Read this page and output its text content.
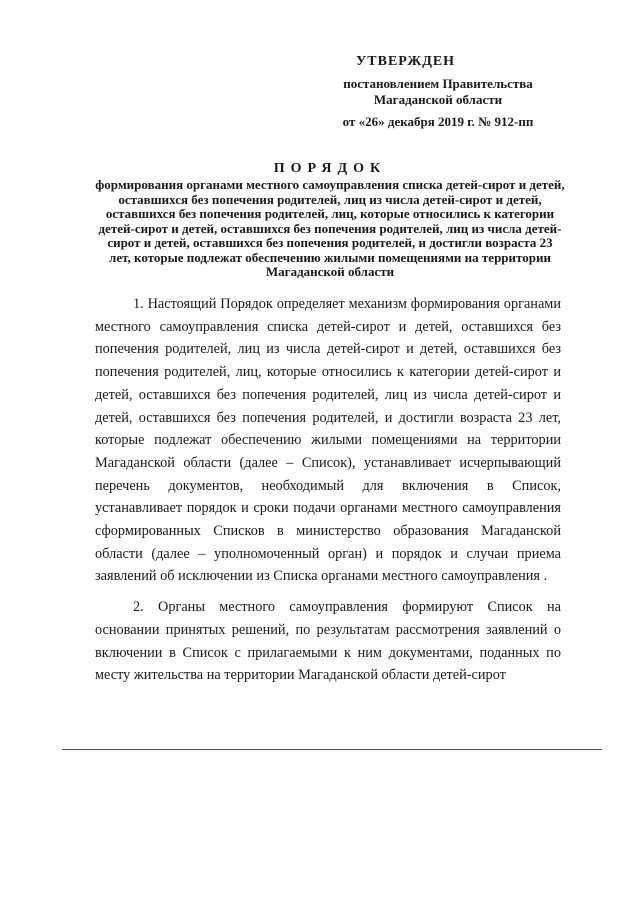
УТВЕРЖДЕН
постановлением Правительства
Магаданской области
от «26» декабря 2019 г. № 912-пп
ПОРЯДОК
формирования органами местного самоуправления списка детей-сирот и детей, оставшихся без попечения родителей, лиц из числа детей-сирот и детей, оставшихся без попечения родителей, лиц, которые относились к категории детей-сирот и детей, оставшихся без попечения родителей, лиц из числа детей-сирот и детей, оставшихся без попечения родителей, и достигли возраста 23 лет, которые подлежат обеспечению жилыми помещениями на территории Магаданской области

1. Настоящий Порядок определяет механизм формирования органами местного самоуправления списка детей-сирот и детей, оставшихся без попечения родителей, лиц из числа детей-сирот и детей, оставшихся без попечения родителей, лиц, которые относились к категории детей-сирот и детей, оставшихся без попечения родителей, лиц из числа детей-сирот и детей, оставшихся без попечения родителей, и достигли возраста 23 лет, которые подлежат обеспечению жилыми помещениями на территории Магаданской области (далее – Список), устанавливает исчерпывающий перечень документов, необходимый для включения в Список, устанавливает порядок и сроки подачи органами местного самоуправления сформированных Списков в министерство образования Магаданской области (далее – уполномоченный орган) и порядок и случаи приема заявлений об исключении из Списка органами местного самоуправления .

2. Органы местного самоуправления формируют Список на основании принятых решений, по результатам рассмотрения заявлений о включении в Список с прилагаемыми к ним документами, поданных по месту жительства на территории Магаданской области детей-сирот
